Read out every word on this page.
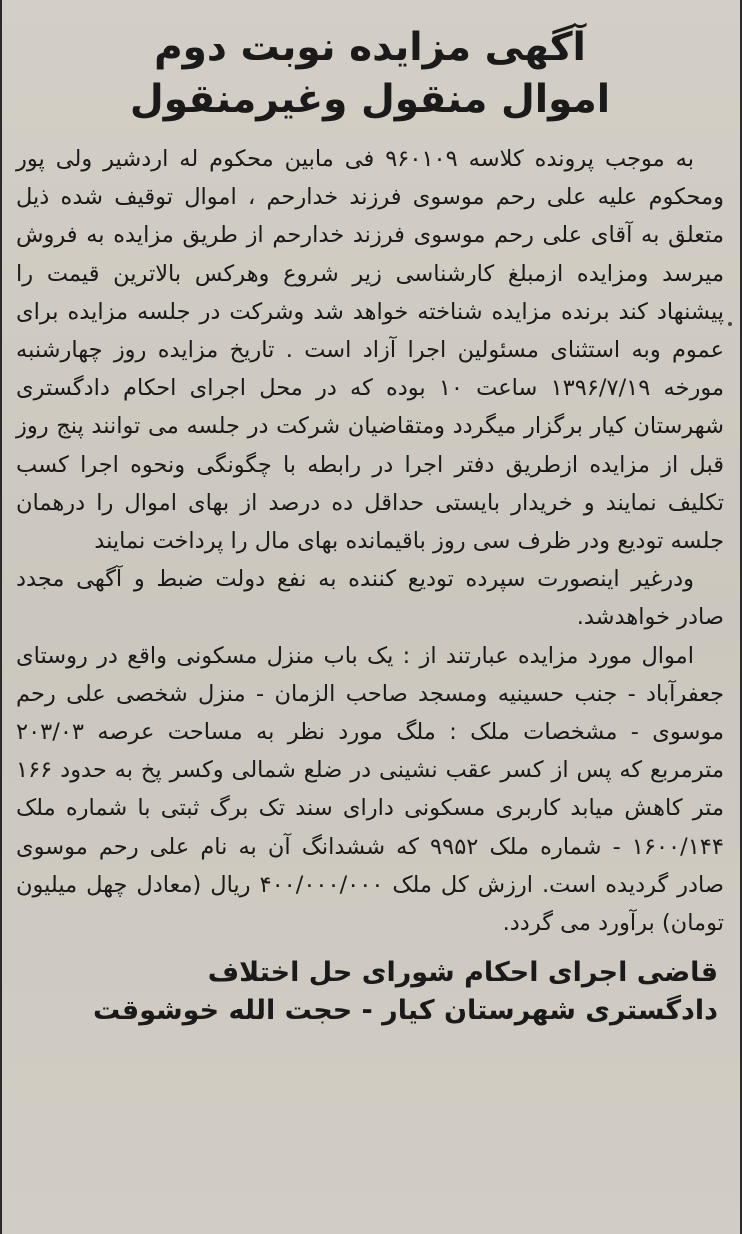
آگهی مزایده نوبت دوم
اموال منقول وغیرمنقول

به موجب پرونده کلاسه ۹۶۰۱۰۹ فی مابین محکوم له اردشیر ولی پور ومحکوم علیه علی رحم موسوی فرزند خدارحم ، اموال توقیف شده ذیل متعلق به آقای علی رحم موسوی فرزند خدارحم از طریق مزایده به فروش میرسد ومزایده ازمبلغ کارشناسی زیر شروع وهرکس بالاترین قیمت را پیشنهاد کند برنده مزایده شناخته خواهد شد وشرکت در جلسه مزایده برای عموم وبه استثنای مسئولین اجرا آزاد است . تاریخ مزایده روز چهارشنبه مورخه ۱۳۹۶/۷/۱۹ ساعت ۱۰ بوده که در محل اجرای احکام دادگستری شهرستان کیار برگزار میگردد ومتقاضیان شرکت در جلسه می توانند پنج روز قبل از مزایده ازطریق دفتر اجرا در رابطه با چگونگی ونحوه اجرا کسب تکلیف نمایند و خریدار بایستی حداقل ده درصد از بهای اموال را درهمان جلسه توديع ودر ظرف سی روز باقیمانده بهای مال را پرداخت نمایند

ودرغیر اینصورت سپرده توديع کننده به نفع دولت ضبط و آگهی مجدد صادر خواهدشد.

اموال مورد مزایده عبارتند از : یک باب منزل مسکونی واقع در روستای جعفرآباد - جنب حسینیه ومسجد صاحب الزمان - منزل شخصی علی رحم موسوی - مشخصات ملک : ملگ مورد نظر به مساحت عرصه ۲۰۳/۰۳ مترمربع که پس از کسر عقب نشینی در ضلع شمالی وکسر پخ به حدود ۱۶۶ متر کاهش میابد کاربری مسکونی دارای سند تک برگ ثبتی با شماره ملک ۱۶۰۰/۱۴۴ - شماره ملک ۹۹۵۲ که ششدانگ آن به نام علی رحم موسوی صادر گردیده است. ارزش کل ملک ۴۰۰/۰۰۰/۰۰۰ ریال (معادل چهل میلیون تومان) برآورد می گردد.

قاضی اجرای احکام شورای حل اختلاف

دادگستری شهرستان کیار - حجت الله خوشوقت
